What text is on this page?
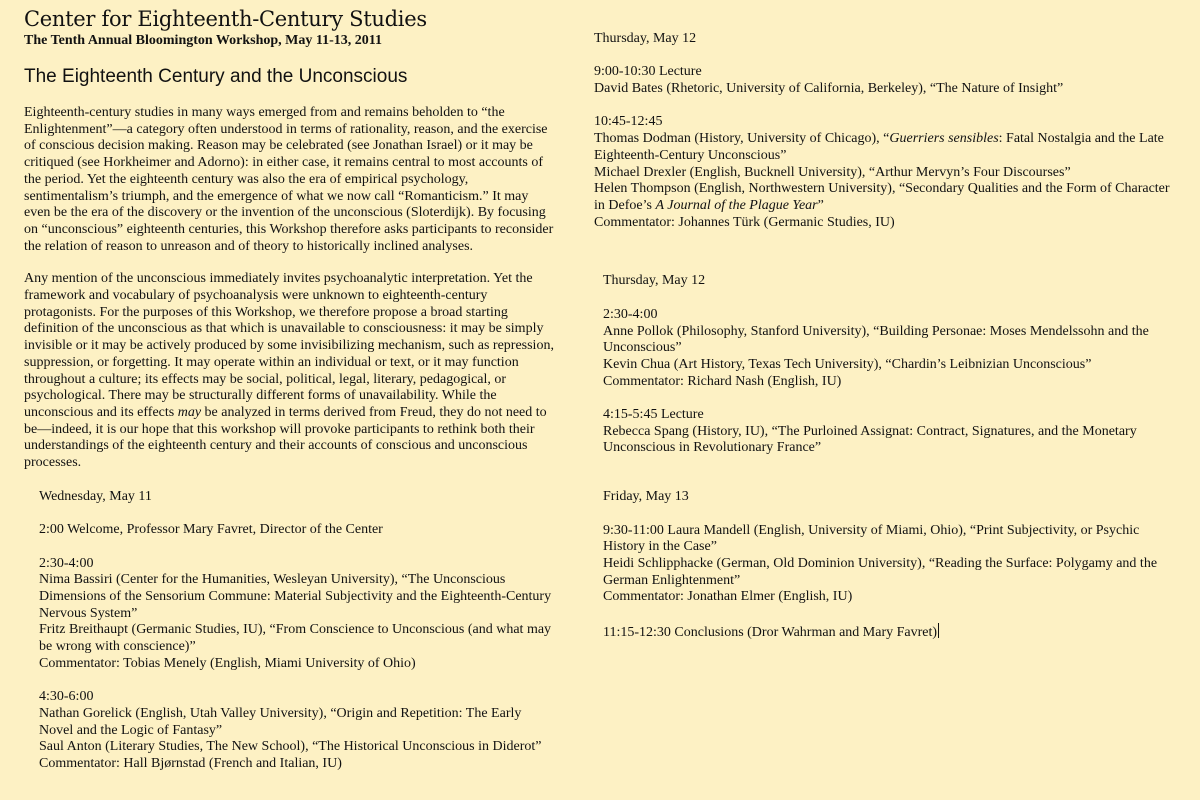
Center for Eighteenth-Century Studies
The Tenth Annual Bloomington Workshop, May 11-13, 2011
The Eighteenth Century and the Unconscious

Eighteenth-century studies in many ways emerged from and remains beholden to “the Enlightenment”—a category often understood in terms of rationality, reason, and the exercise of conscious decision making. Reason may be celebrated (see Jonathan Israel) or it may be critiqued (see Horkheimer and Adorno): in either case, it remains central to most accounts of the period. Yet the eighteenth century was also the era of empirical psychology, sentimentalism’s triumph, and the emergence of what we now call “Romanticism.” It may even be the era of the discovery or the invention of the unconscious (Sloterdijk). By focusing on “unconscious” eighteenth centuries, this Workshop therefore asks participants to reconsider the relation of reason to unreason and of theory to historically inclined analyses.

Any mention of the unconscious immediately invites psychoanalytic interpretation. Yet the framework and vocabulary of psychoanalysis were unknown to eighteenth-century protagonists. For the purposes of this Workshop, we therefore propose a broad starting definition of the unconscious as that which is unavailable to consciousness: it may be simply invisible or it may be actively produced by some invisibilizing mechanism, such as repression, suppression, or forgetting. It may operate within an individual or text, or it may function throughout a culture; its effects may be social, political, legal, literary, pedagogical, or psychological. There may be structurally different forms of unavailability. While the unconscious and its effects may be analyzed in terms derived from Freud, they do not need to be—indeed, it is our hope that this workshop will provoke participants to rethink both their understandings of the eighteenth century and their accounts of conscious and unconscious processes.

Wednesday, May 11
2:00 Welcome, Professor Mary Favret, Director of the Center
2:30-4:00
Nima Bassiri (Center for the Humanities, Wesleyan University), “The Unconscious Dimensions of the Sensorium Commune: Material Subjectivity and the Eighteenth-Century Nervous System”
Fritz Breithaupt (Germanic Studies, IU), “From Conscience to Unconscious (and what may be wrong with conscience)”
Commentator: Tobias Menely (English, Miami University of Ohio)
4:30-6:00
Nathan Gorelick (English, Utah Valley University), “Origin and Repetition: The Early Novel and the Logic of Fantasy”
Saul Anton (Literary Studies, The New School), “The Historical Unconscious in Diderot”
Commentator: Hall Bjørnstad (French and Italian, IU)
Thursday, May 12
9:00-10:30 Lecture
David Bates (Rhetoric, University of California, Berkeley), “The Nature of Insight”
10:45-12:45
Thomas Dodman (History, University of Chicago), “Guerriers sensibles: Fatal Nostalgia and the Late Eighteenth-Century Unconscious”
Michael Drexler (English, Bucknell University), “Arthur Mervyn’s Four Discourses”
Helen Thompson (English, Northwestern University), “Secondary Qualities and the Form of Character in Defoe’s A Journal of the Plague Year”
Commentator: Johannes Türk (Germanic Studies, IU)
Thursday, May 12
2:30-4:00
Anne Pollok (Philosophy, Stanford University), “Building Personae: Moses Mendelssohn and the Unconscious”
Kevin Chua (Art History, Texas Tech University), “Chardin’s Leibnizian Unconscious”
Commentator: Richard Nash (English, IU)
4:15-5:45 Lecture
Rebecca Spang (History, IU), “The Purloined Assignat: Contract, Signatures, and the Monetary Unconscious in Revolutionary France”
Friday, May 13
9:30-11:00 Laura Mandell (English, University of Miami, Ohio), “Print Subjectivity, or Psychic History in the Case”
Heidi Schlipphacke (German, Old Dominion University), “Reading the Surface: Polygamy and the German Enlightenment”
Commentator: Jonathan Elmer (English, IU)
11:15-12:30 Conclusions (Dror Wahrman and Mary Favret)
